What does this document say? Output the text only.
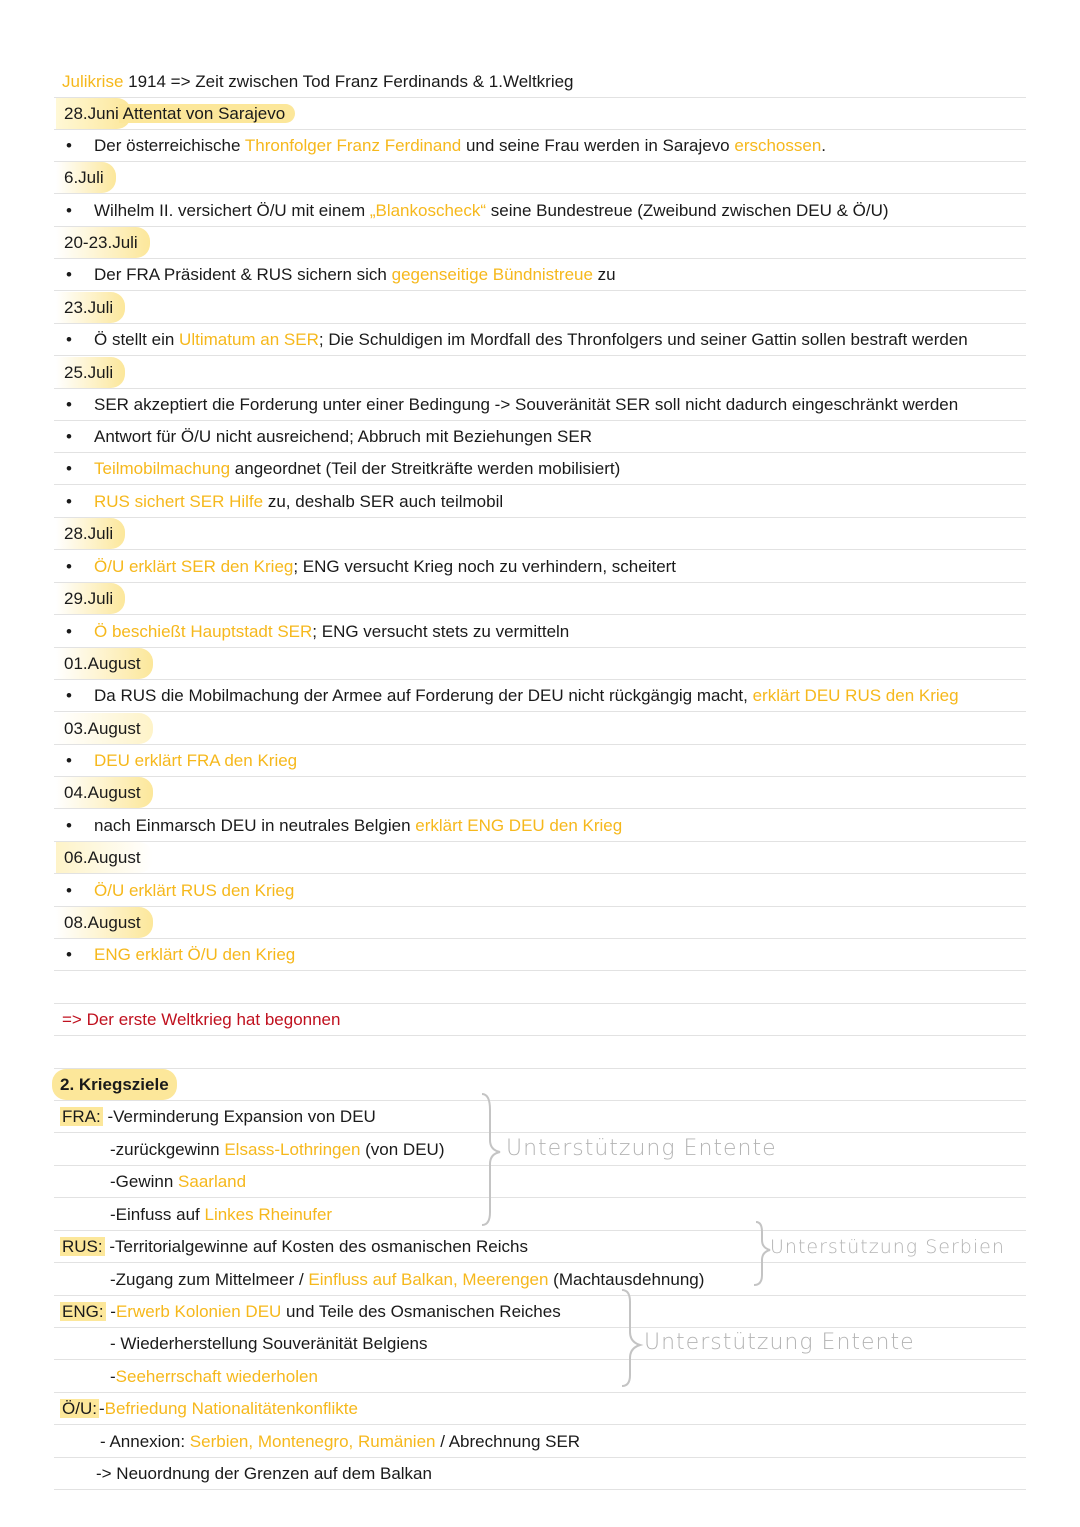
Julikrise 1914 => Zeit zwischen Tod Franz Ferdinands & 1.Weltkrieg
28.Juni Attentat von Sarajevo
• Der österreichische Thronfolger Franz Ferdinand und seine Frau werden in Sarajevo erschossen.
6.Juli
• Wilhelm II. versichert Ö/U mit einem „Blankoscheck“ seine Bundestreue (Zweibund zwischen DEU & Ö/U)
20-23.Juli
• Der FRA Präsident & RUS sichern sich gegenseitige Bündnistreue zu
23.Juli
• Ö stellt ein Ultimatum an SER; Die Schuldigen im Mordfall des Thronfolgers und seiner Gattin sollen bestraft werden
25.Juli
• SER akzeptiert die Forderung unter einer Bedingung -> Souveränität SER soll nicht dadurch eingeschränkt werden
• Antwort für Ö/U nicht ausreichend; Abbruch mit Beziehungen SER
• Teilmobilmachung angeordnet (Teil der Streitkräfte werden mobilisiert)
• RUS sichert SER Hilfe zu, deshalb SER auch teilmobil
28.Juli
• Ö/U erklärt SER den Krieg; ENG versucht Krieg noch zu verhindern, scheitert
29.Juli
• Ö beschießt Hauptstadt SER; ENG versucht stets zu vermitteln
01.August
• Da RUS die Mobilmachung der Armee auf Forderung der DEU nicht rückgängig macht, erklärt DEU RUS den Krieg
03.August
• DEU erklärt FRA den Krieg
04.August
• nach Einmarsch DEU in neutrales Belgien erklärt ENG DEU den Krieg
06.August
• Ö/U erklärt RUS den Krieg
08.August
• ENG erklärt Ö/U den Krieg
=> Der erste Weltkrieg hat begonnen
2. Kriegsziele
FRA: -Verminderung Expansion von DEU
-zurückgewinn Elsass-Lothringen (von DEU)
-Gewinn Saarland
-Einfuss auf Linkes Rheinufer
RUS: -Territorialgewinne auf Kosten des osmanischen Reichs
-Zugang zum Mittelmeer / Einfluss auf Balkan, Meerengen (Machtausdehnung)
ENG: -Erwerb Kolonien DEU und Teile des Osmanischen Reiches
- Wiederherstellung Souveränität Belgiens
-Seeherrschaft wiederholen
Ö/U: -Befriedung Nationalitätenkonflikte
- Annexion: Serbien, Montenegro, Rumänien / Abrechnung SER
-> Neuordnung der Grenzen auf dem Balkan
Unterstützung Entente
Unterstützung Serbien
Unterstützung Entente
